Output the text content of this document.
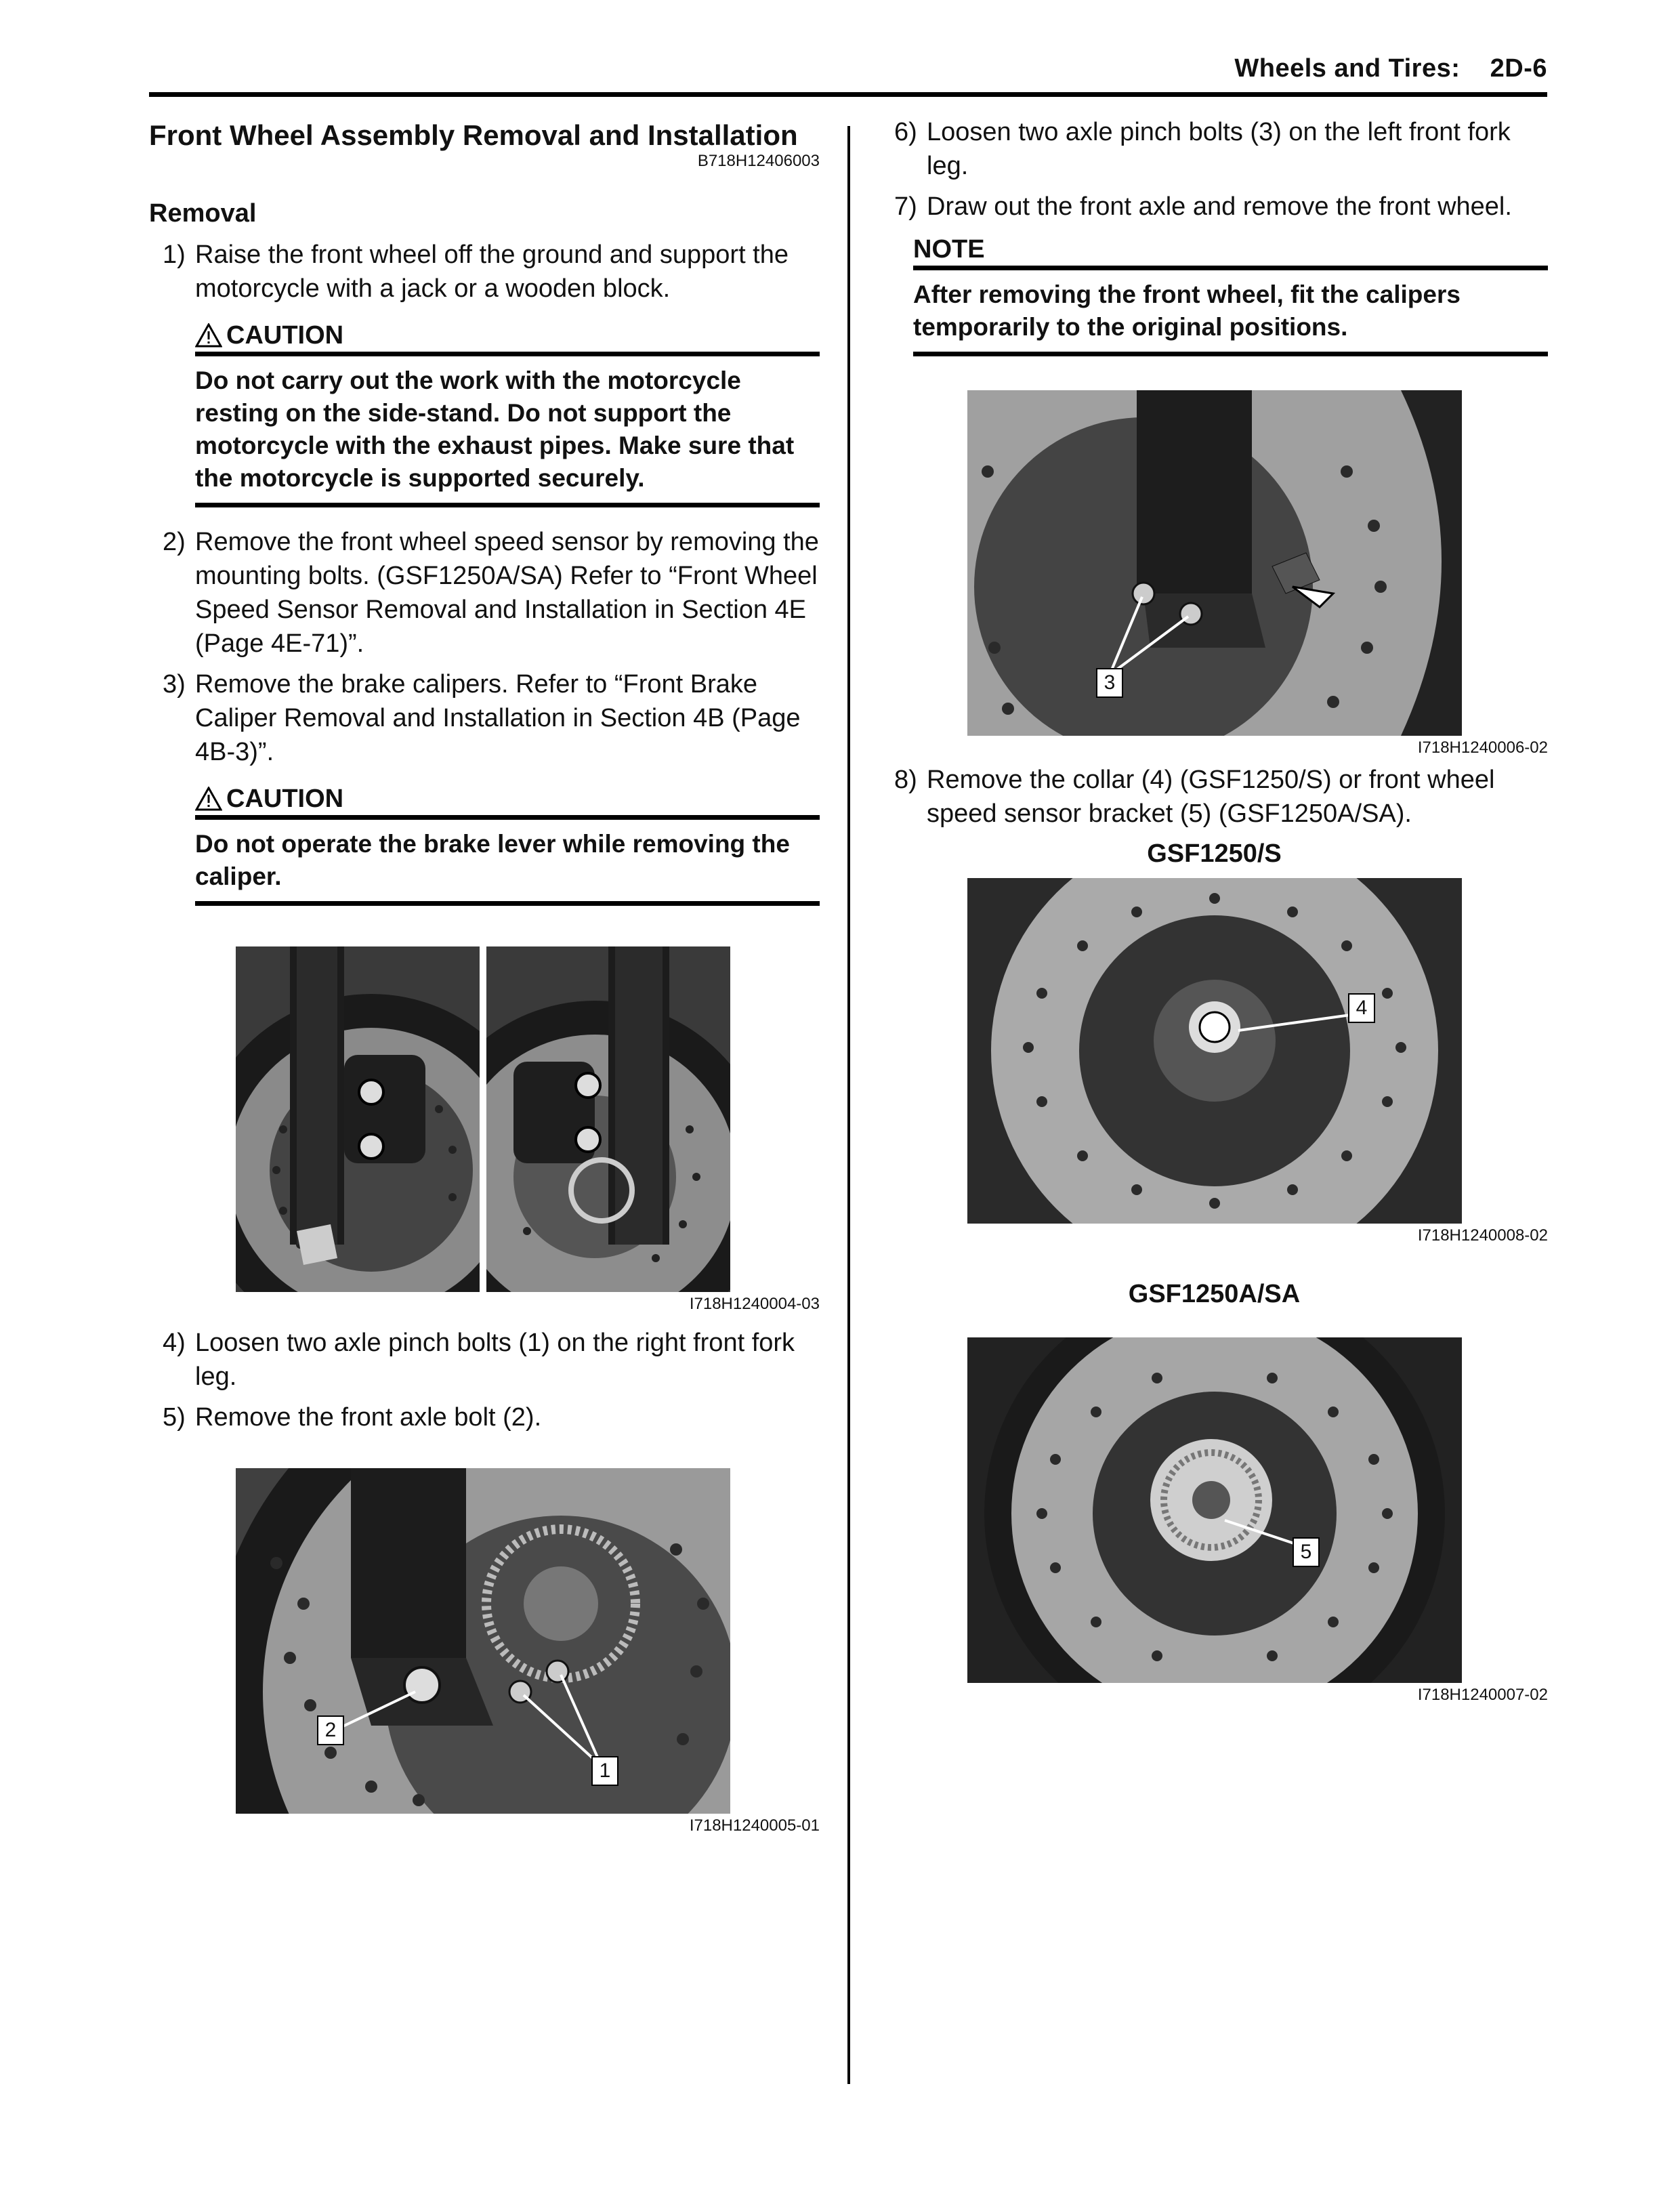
Wheels and Tires:    2D-6
Front Wheel Assembly Removal and Installation
B718H12406003
Removal
1) Raise the front wheel off the ground and support the motorcycle with a jack or a wooden block.
CAUTION
Do not carry out the work with the motorcycle resting on the side-stand. Do not support the motorcycle with the exhaust pipes. Make sure that the motorcycle is supported securely.
2) Remove the front wheel speed sensor by removing the mounting bolts. (GSF1250A/SA) Refer to “Front Wheel Speed Sensor Removal and Installation in Section 4E (Page 4E-71)”.
3) Remove the brake calipers. Refer to “Front Brake Caliper Removal and Installation in Section 4B (Page 4B-3)”.
CAUTION
Do not operate the brake lever while removing the caliper.
I718H1240004-03
4) Loosen two axle pinch bolts (1) on the right front fork leg.
5) Remove the front axle bolt (2).
2
1
I718H1240005-01
6) Loosen two axle pinch bolts (3) on the left front fork leg.
7) Draw out the front axle and remove the front wheel.
NOTE
After removing the front wheel, fit the calipers temporarily to the original positions.
3
I718H1240006-02
8) Remove the collar (4) (GSF1250/S) or front wheel speed sensor bracket (5) (GSF1250A/SA).
GSF1250/S
4
I718H1240008-02
GSF1250A/SA
5
I718H1240007-02
